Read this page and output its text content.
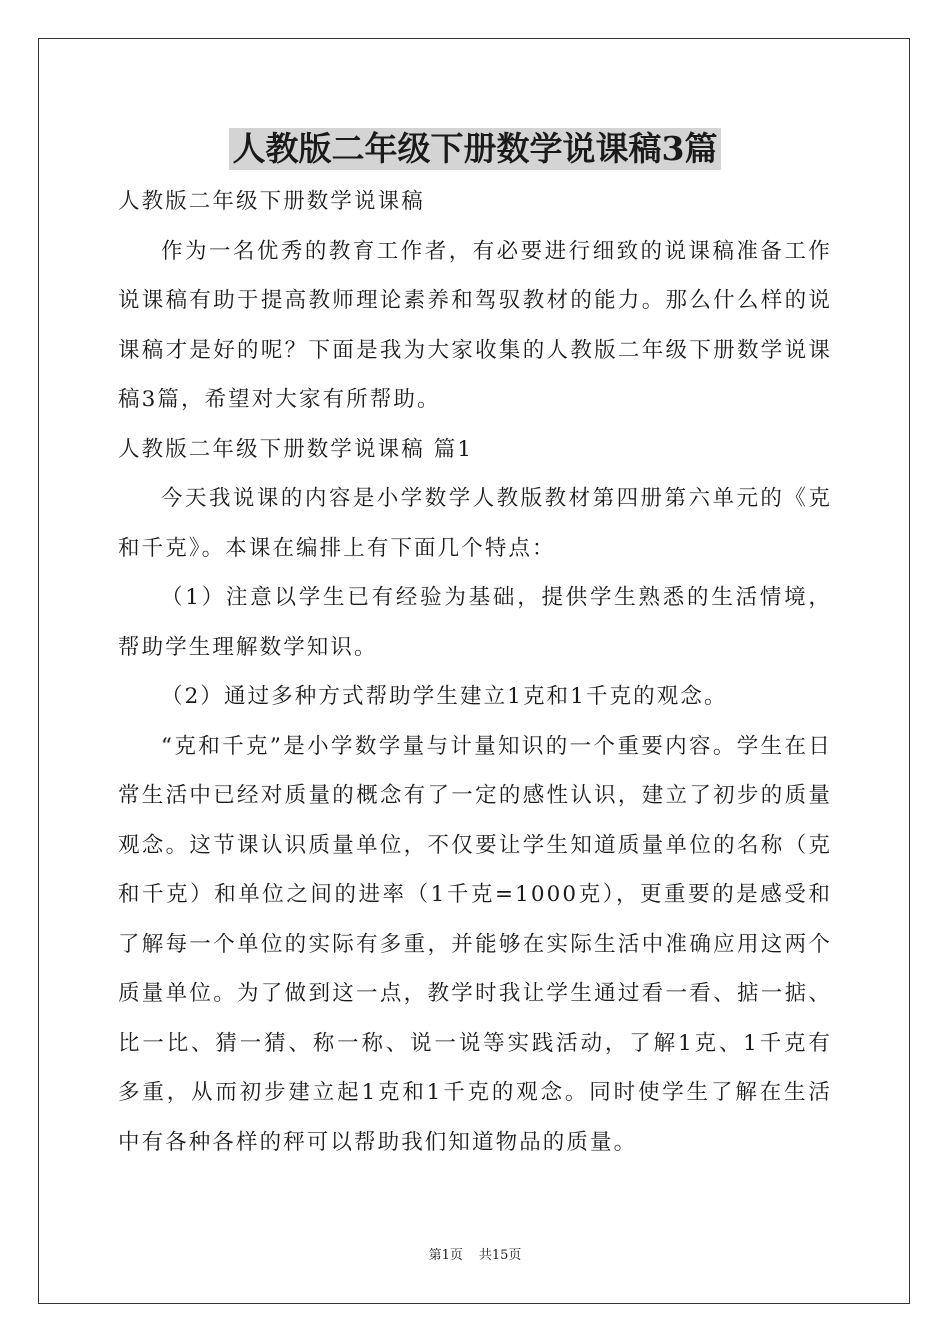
人教版二年级下册数学说课稿3篇

人教版二年级下册数学说课稿

作为一名优秀的教育工作者，有必要进行细致的说课稿准备工作说课稿有助于提高教师理论素养和驾驭教材的能力。那么什么样的说课稿才是好的呢？下面是我为大家收集的人教版二年级下册数学说课稿3篇，希望对大家有所帮助。

人教版二年级下册数学说课稿 篇1

今天我说课的内容是小学数学人教版教材第四册第六单元的《克和千克》。本课在编排上有下面几个特点：

（1）注意以学生已有经验为基础，提供学生熟悉的生活情境，帮助学生理解数学知识。

（2）通过多种方式帮助学生建立1克和1千克的观念。

“克和千克”是小学数学量与计量知识的一个重要内容。学生在日常生活中已经对质量的概念有了一定的感性认识，建立了初步的质量观念。这节课认识质量单位，不仅要让学生知道质量单位的名称（克和千克）和单位之间的进率（1千克=1000克），更重要的是感受和了解每一个单位的实际有多重，并能够在实际生活中准确应用这两个质量单位。为了做到这一点，教学时我让学生通过看一看、掂一掂、比一比、猜一猜、称一称、说一说等实践活动，了解1克、1千克有多重，从而初步建立起1克和1千克的观念。同时使学生了解在生活中有各种各样的秤可以帮助我们知道物品的质量。

第1页 共15页
